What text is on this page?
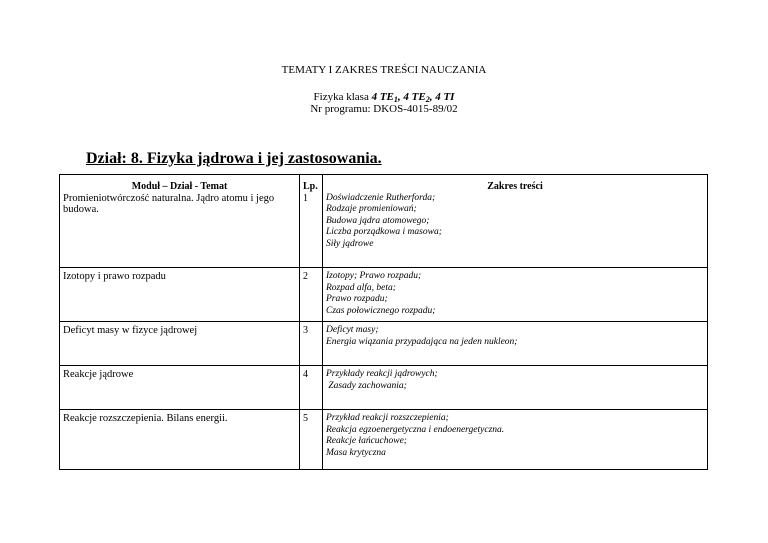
TEMATY I ZAKRES TREŚCI NAUCZANIA
Fizyka klasa 4 $TE_1$, 4 $TE_2$, 4 TI
Nr programu: DKOS-4015-89/02
Dział: 8. Fizyka jądrowa i jej zastosowania.
Moduł – Dział - Temat	Lp.	Zakres treści
Promieniotwórczość naturalna. Jądro atomu i jego budowa.	1	Doświadczenie Rutherforda;
Rodzaje promieniowań;
Budowa jądra atomowego;
Liczba porządkowa i masowa;
Siły jądrowe

Izotopy i prawo rozpadu	2	Izotopy; Prawo rozpadu;
Rozpad alfa, beta;
Prawo rozpadu;
Czas połowicznego rozpadu;

Deficyt masy w fizyce jądrowej	3	Deficyt masy;
Energia wiązania przypadająca na jeden nukleon;

Reakcje jądrowe	4	Przykłady reakcji jądrowych;
Zasady zachowania;

Reakcje rozszczepienia. Bilans energii.	5	Przykład reakcji rozszczepienia;
Reakcja egzoenergetyczna i endoenergetyczna.
Reakcje łańcuchowe;
Masa krytyczna
